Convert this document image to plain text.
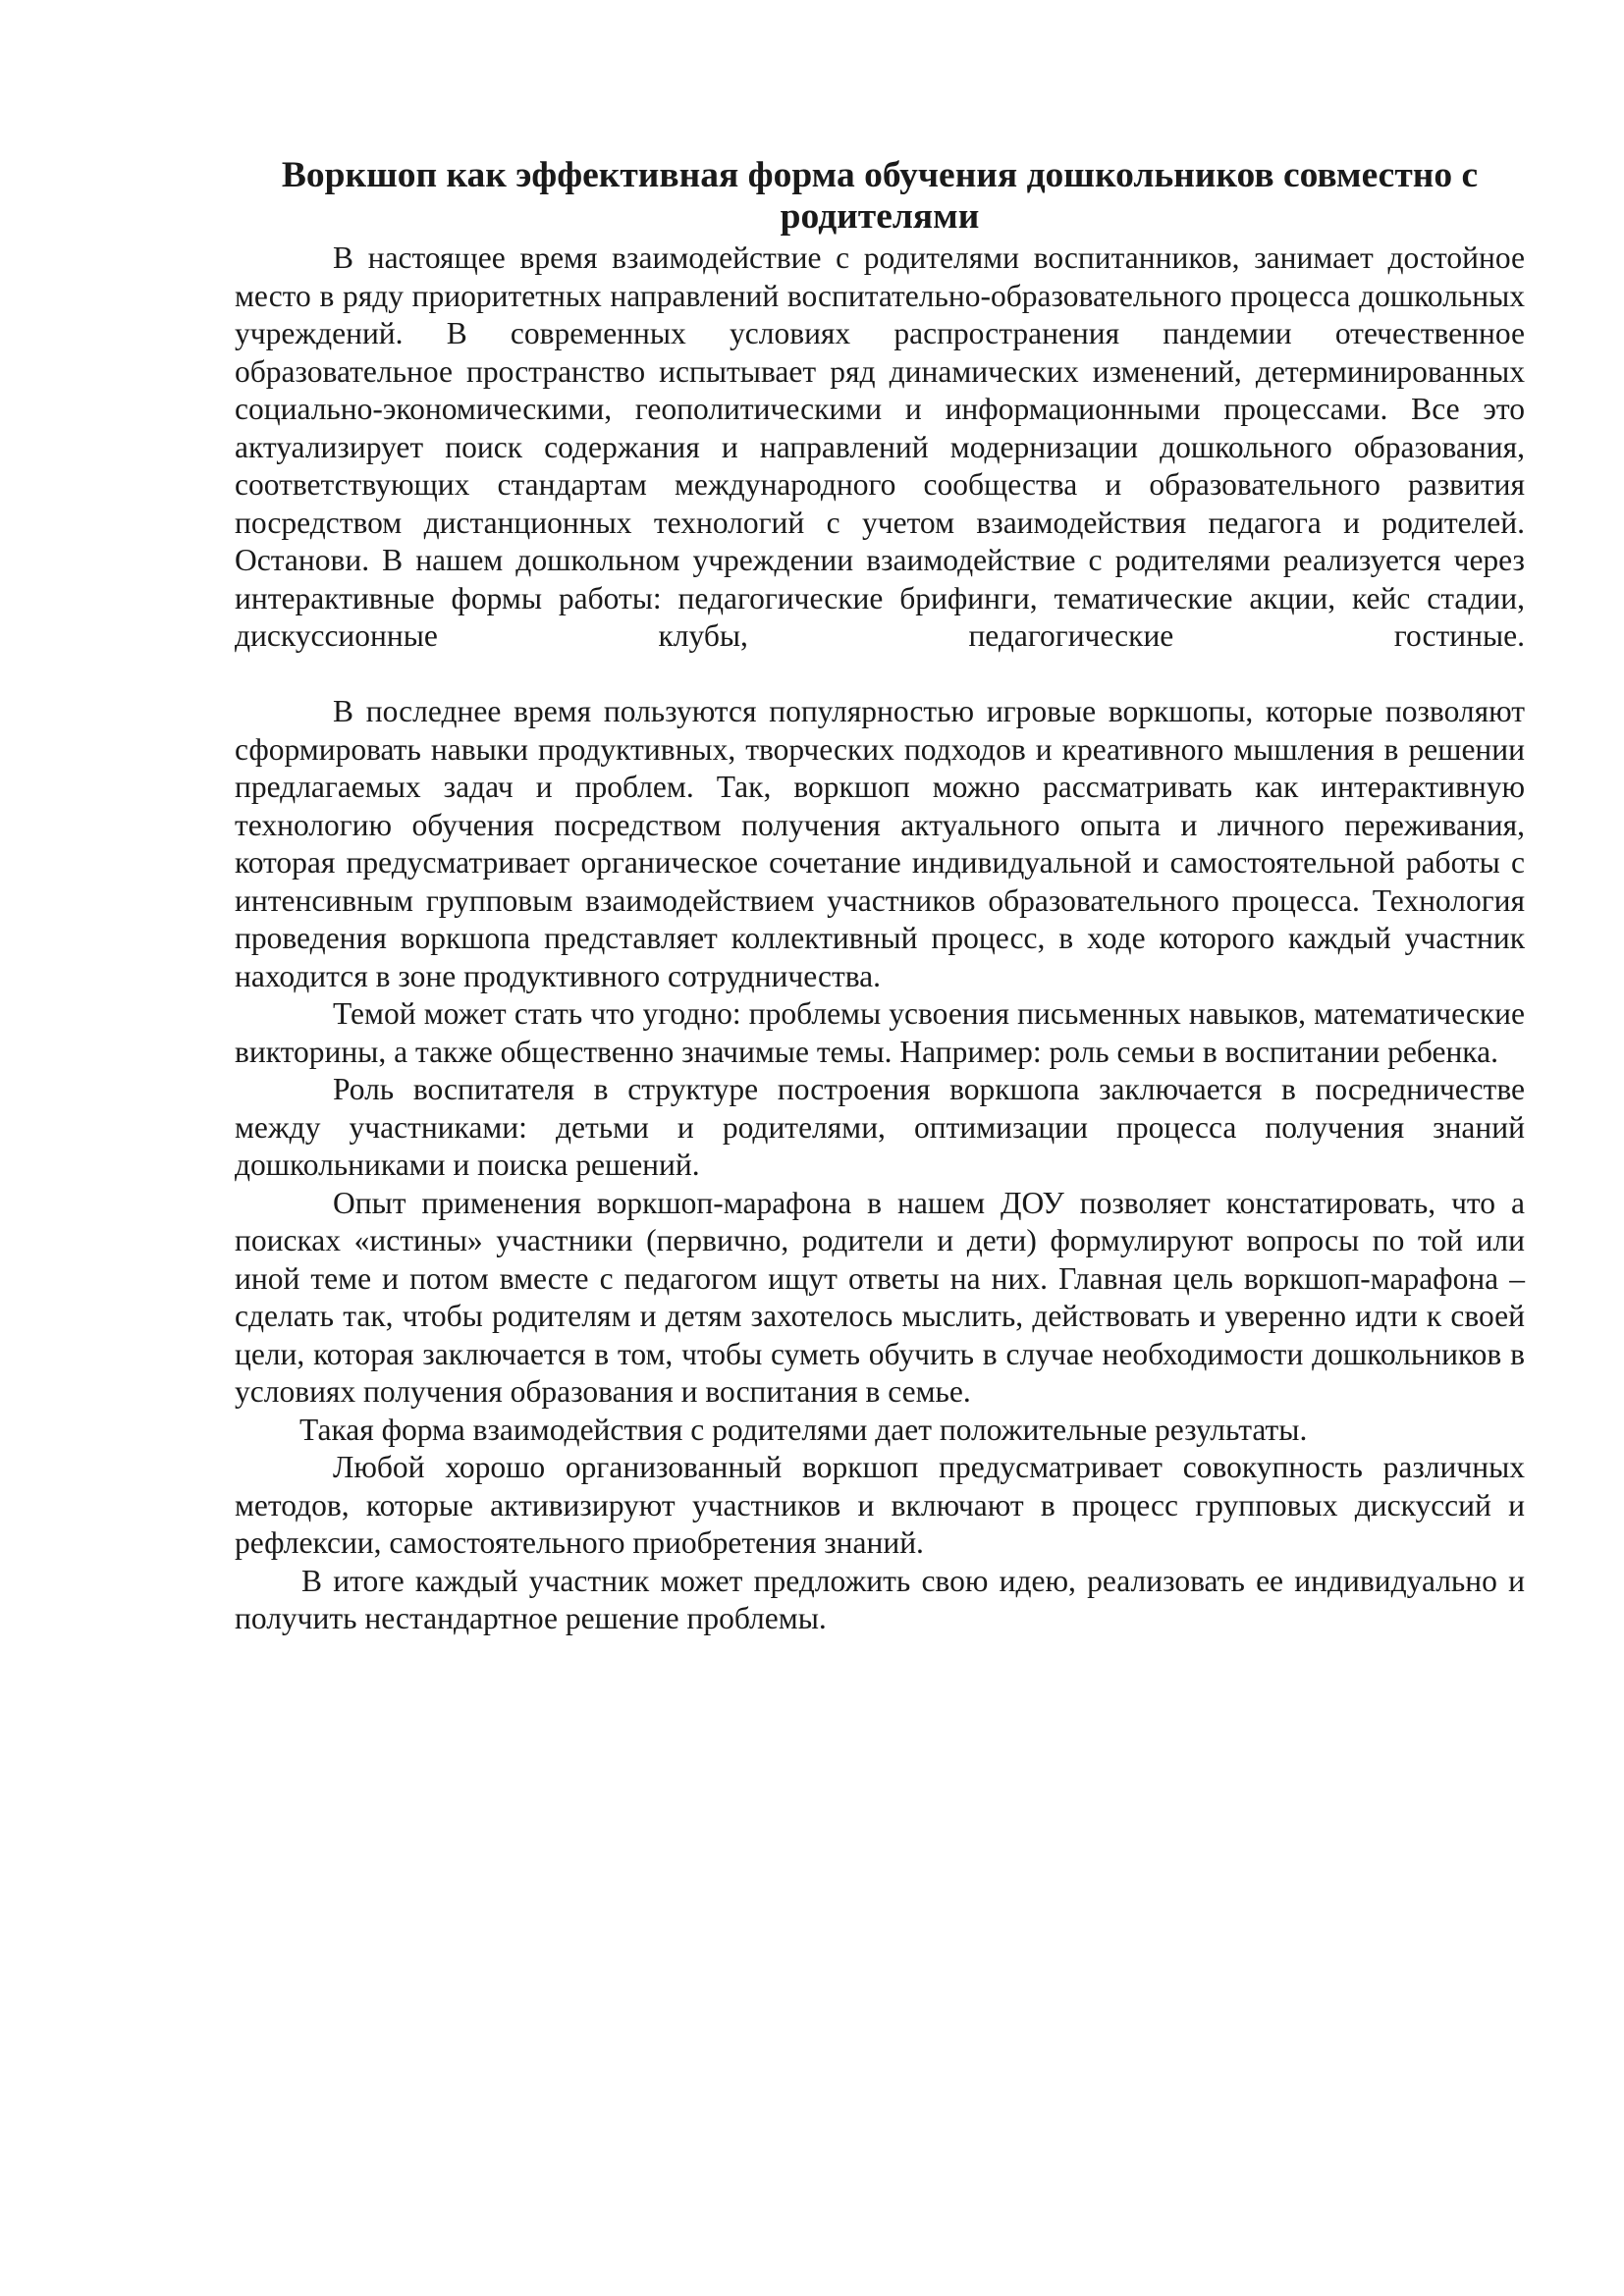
Воркшоп как эффективная форма обучения дошкольников совместно с родителями

В настоящее время взаимодействие с родителями воспитанников, занимает достойное место в ряду приоритетных направлений воспитательно-образовательного процесса дошкольных учреждений. В современных условиях распространения пандемии отечественное образовательное пространство испытывает ряд динамических изменений, детерминированных социально-экономическими, геополитическими и информационными процессами. Все это актуализирует поиск содержания и направлений модернизации дошкольного образования, соответствующих стандартам международного сообщества и образовательного развития посредством дистанционных технологий с учетом взаимодействия педагога и родителей. Останови. В нашем дошкольном учреждении взаимодействие с родителями реализуется через интерактивные формы работы: педагогические брифинги, тематические акции, кейс стадии, дискуссионные клубы, педагогические гостиные.

В последнее время пользуются популярностью игровые воркшопы, которые позволяют сформировать навыки продуктивных, творческих подходов и креативного мышления в решении предлагаемых задач и проблем. Так, воркшоп можно рассматривать как интерактивную технологию обучения посредством получения актуального опыта и личного переживания, которая предусматривает органическое сочетание индивидуальной и самостоятельной работы с интенсивным групповым взаимодействием участников образовательного процесса. Технология проведения воркшопа представляет коллективный процесс, в ходе которого каждый участник находится в зоне продуктивного сотрудничества.

Темой может стать что угодно: проблемы усвоения письменных навыков, математические викторины, а также общественно значимые темы. Например: роль семьи в воспитании ребенка.

Роль воспитателя в структуре построения воркшопа заключается в посредничестве между участниками: детьми и родителями, оптимизации процесса получения знаний дошкольниками и поиска решений.

Опыт применения воркшоп-марафона в нашем ДОУ позволяет констатировать, что а поисках «истины» участники (первично, родители и дети) формулируют вопросы по той или иной теме и потом вместе с педагогом ищут ответы на них. Главная цель воркшоп-марафона – сделать так, чтобы родителям и детям захотелось мыслить, действовать и уверенно идти к своей цели, которая заключается в том, чтобы суметь обучить в случае необходимости дошкольников в условиях получения образования и воспитания в семье.

Такая форма взаимодействия с родителями дает положительные результаты.

Любой хорошо организованный воркшоп предусматривает совокупность различных методов, которые активизируют участников и включают в процесс групповых дискуссий и рефлексии, самостоятельного приобретения знаний.

В итоге каждый участник может предложить свою идею, реализовать ее индивидуально и получить нестандартное решение проблемы.
